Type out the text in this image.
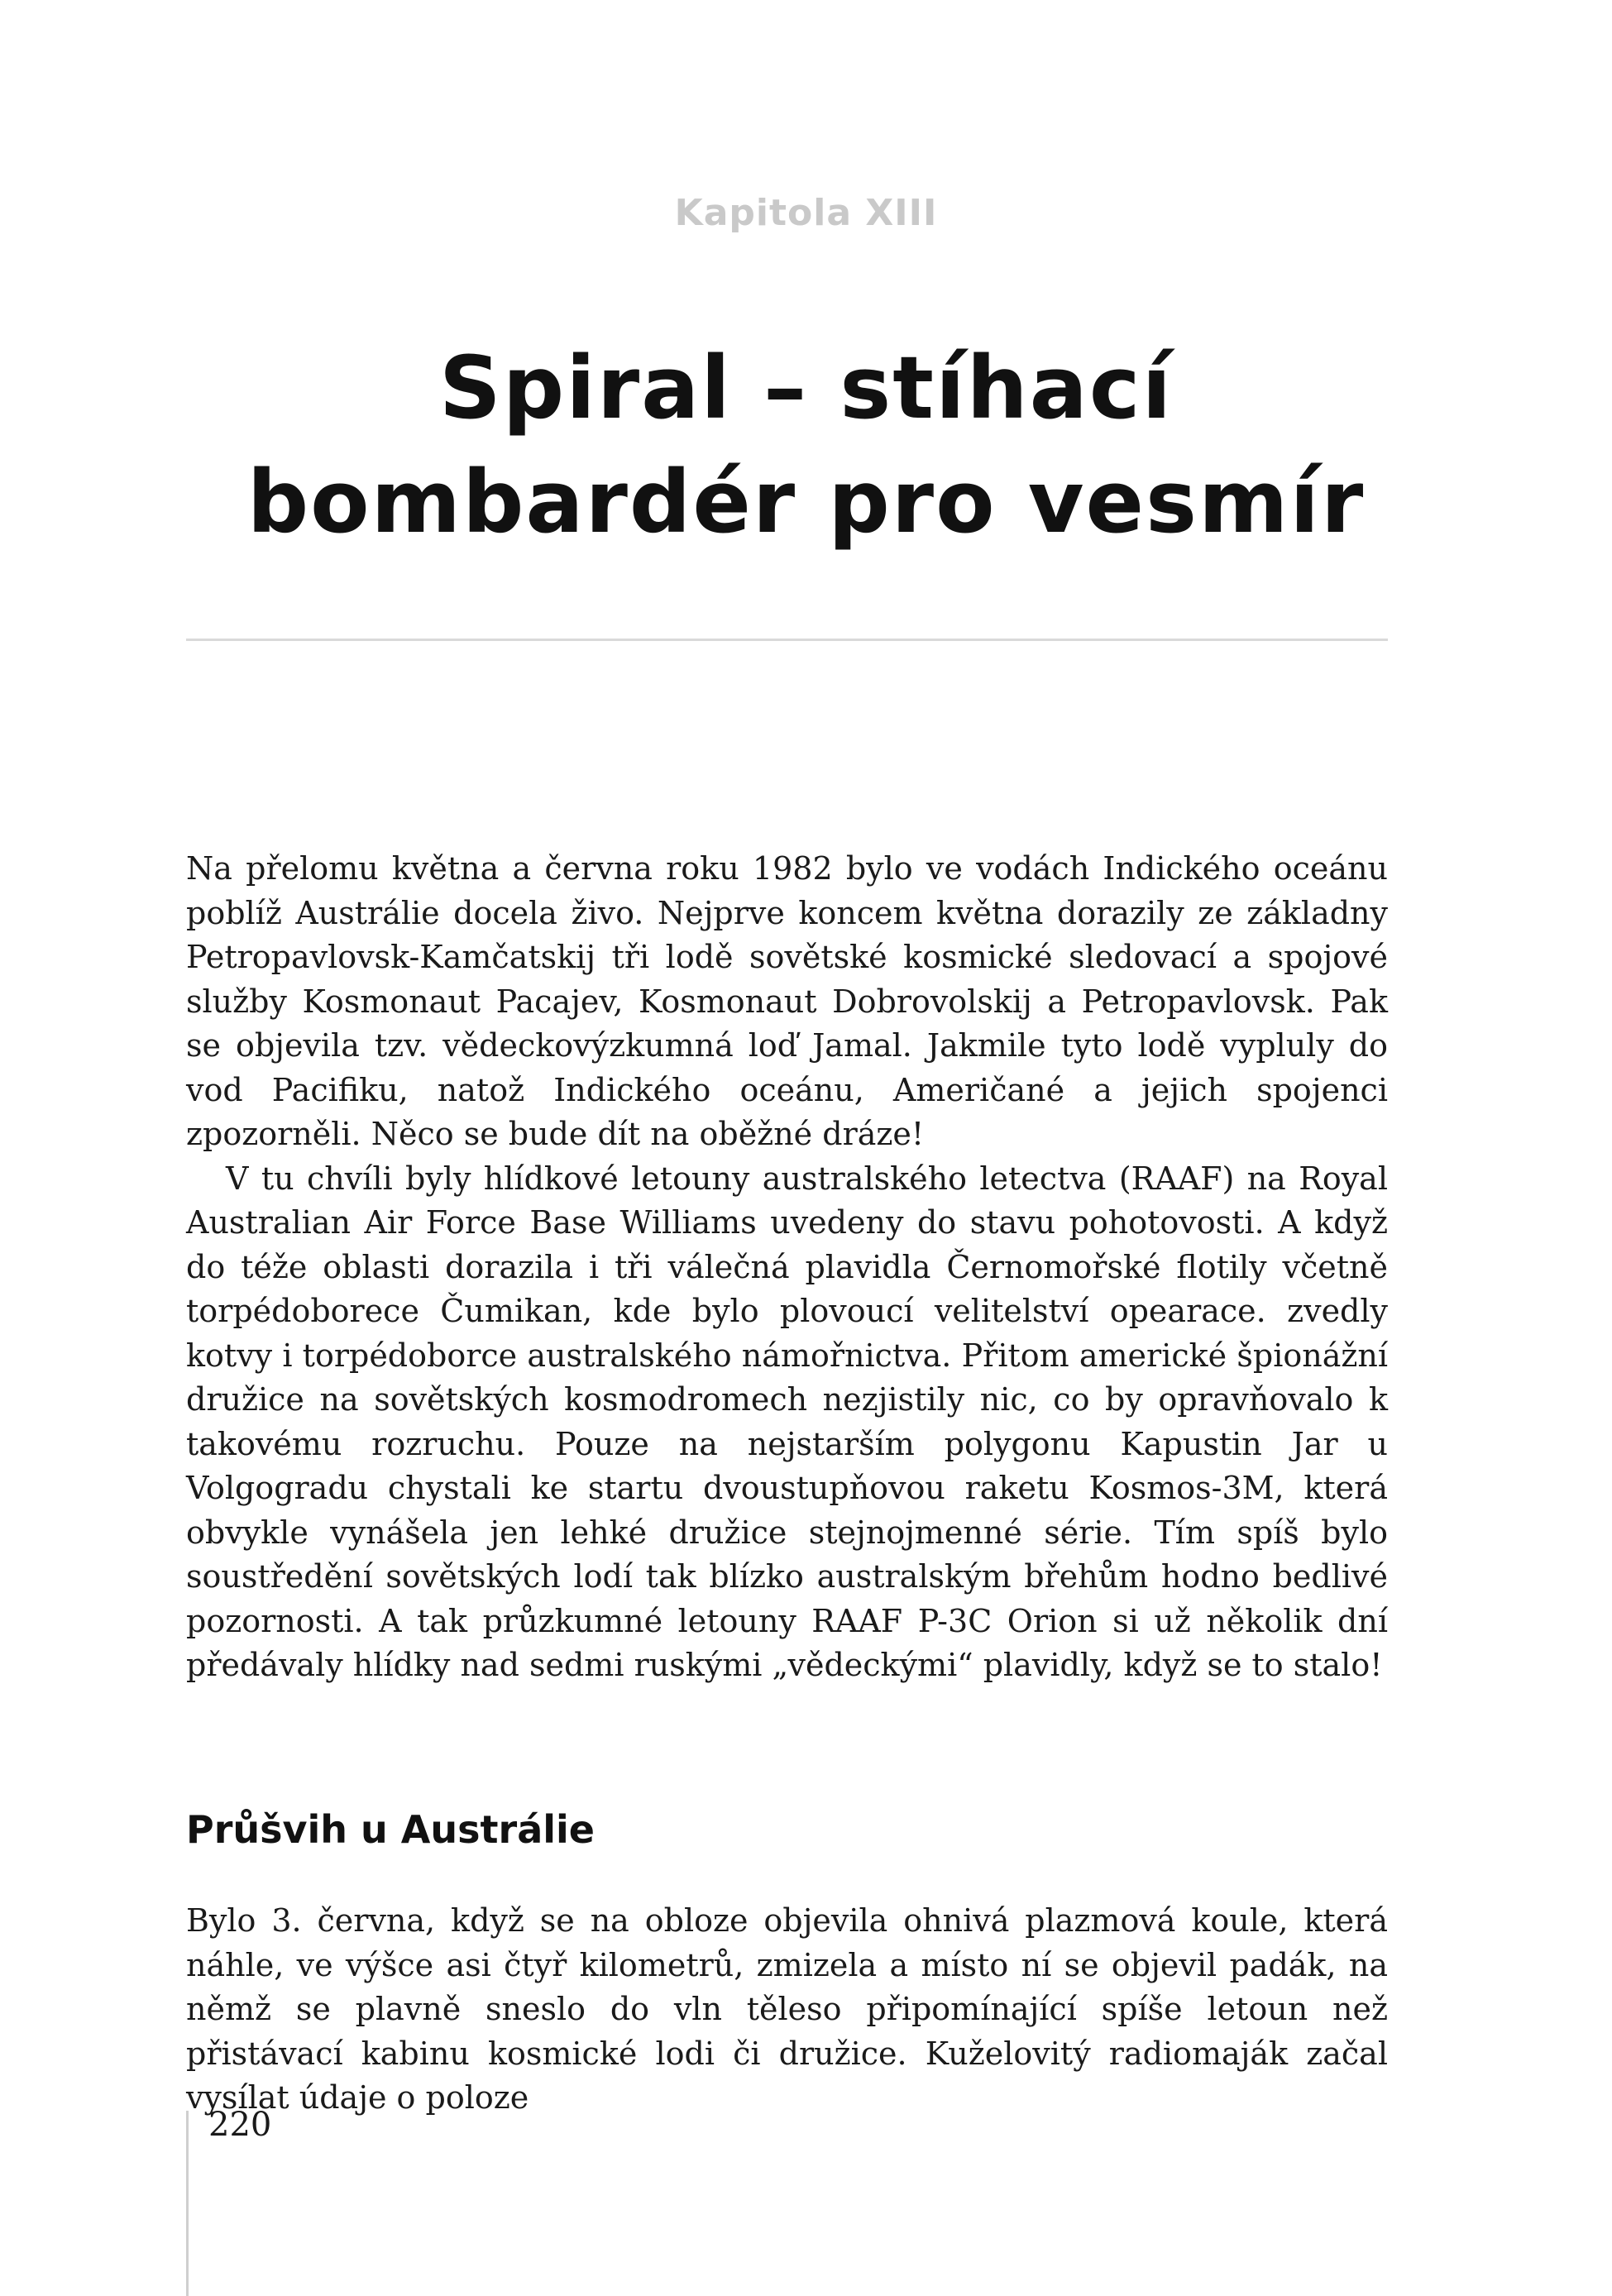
Kapitola XIII
Spiral – stíhací
bombardér pro vesmír

Na přelomu května a června roku 1982 bylo ve vodách Indického oceánu poblíž Austrálie docela živo. Nejprve koncem května dorazily ze základny Petropavlovsk-Kamčatskij tři lodě sovětské kosmické sledovací a spojové služby Kosmonaut Pacajev, Kosmonaut Dobrovolskij a Petropavlovsk. Pak se objevila tzv. vědeckovýzkumná loď Jamal. Jakmile tyto lodě vypluly do vod Pacifiku, natož Indického oceánu, Američané a jejich spojenci zpozorněli. Něco se bude dít na oběžné dráze!

V tu chvíli byly hlídkové letouny australského letectva (RAAF) na Royal Australian Air Force Base Williams uvedeny do stavu pohotovosti. A když do téže oblasti dorazila i tři válečná plavidla Černomořské flotily včetně torpédoborece Čumikan, kde bylo plovoucí velitelství opearace. zvedly kotvy i torpédoborce australského námořnictva. Přitom americké špionážní družice na sovětských kosmodromech nezjistily nic, co by opravňovalo k takovému rozruchu. Pouze na nejstarším polygonu Kapustin Jar u Volgogradu chystali ke startu dvoustupňovou raketu Kosmos-3M, která obvykle vynášela jen lehké družice stejnojmenné série. Tím spíš bylo soustředění sovětských lodí tak blízko australským břehům hodno bedlivé pozornosti. A tak průzkumné letouny RAAF P-3C Orion si už několik dní předávaly hlídky nad sedmi ruskými „vědeckými“ plavidly, když se to stalo!

Průšvih u Austrálie

Bylo 3. června, když se na obloze objevila ohnivá plazmová koule, která náhle, ve výšce asi čtyř kilometrů, zmizela a místo ní se objevil padák, na němž se plavně sneslo do vln těleso připomínající spíše letoun než přistávací kabinu kosmické lodi či družice. Kuželovitý radiomaják začal vysílat údaje o poloze

220
